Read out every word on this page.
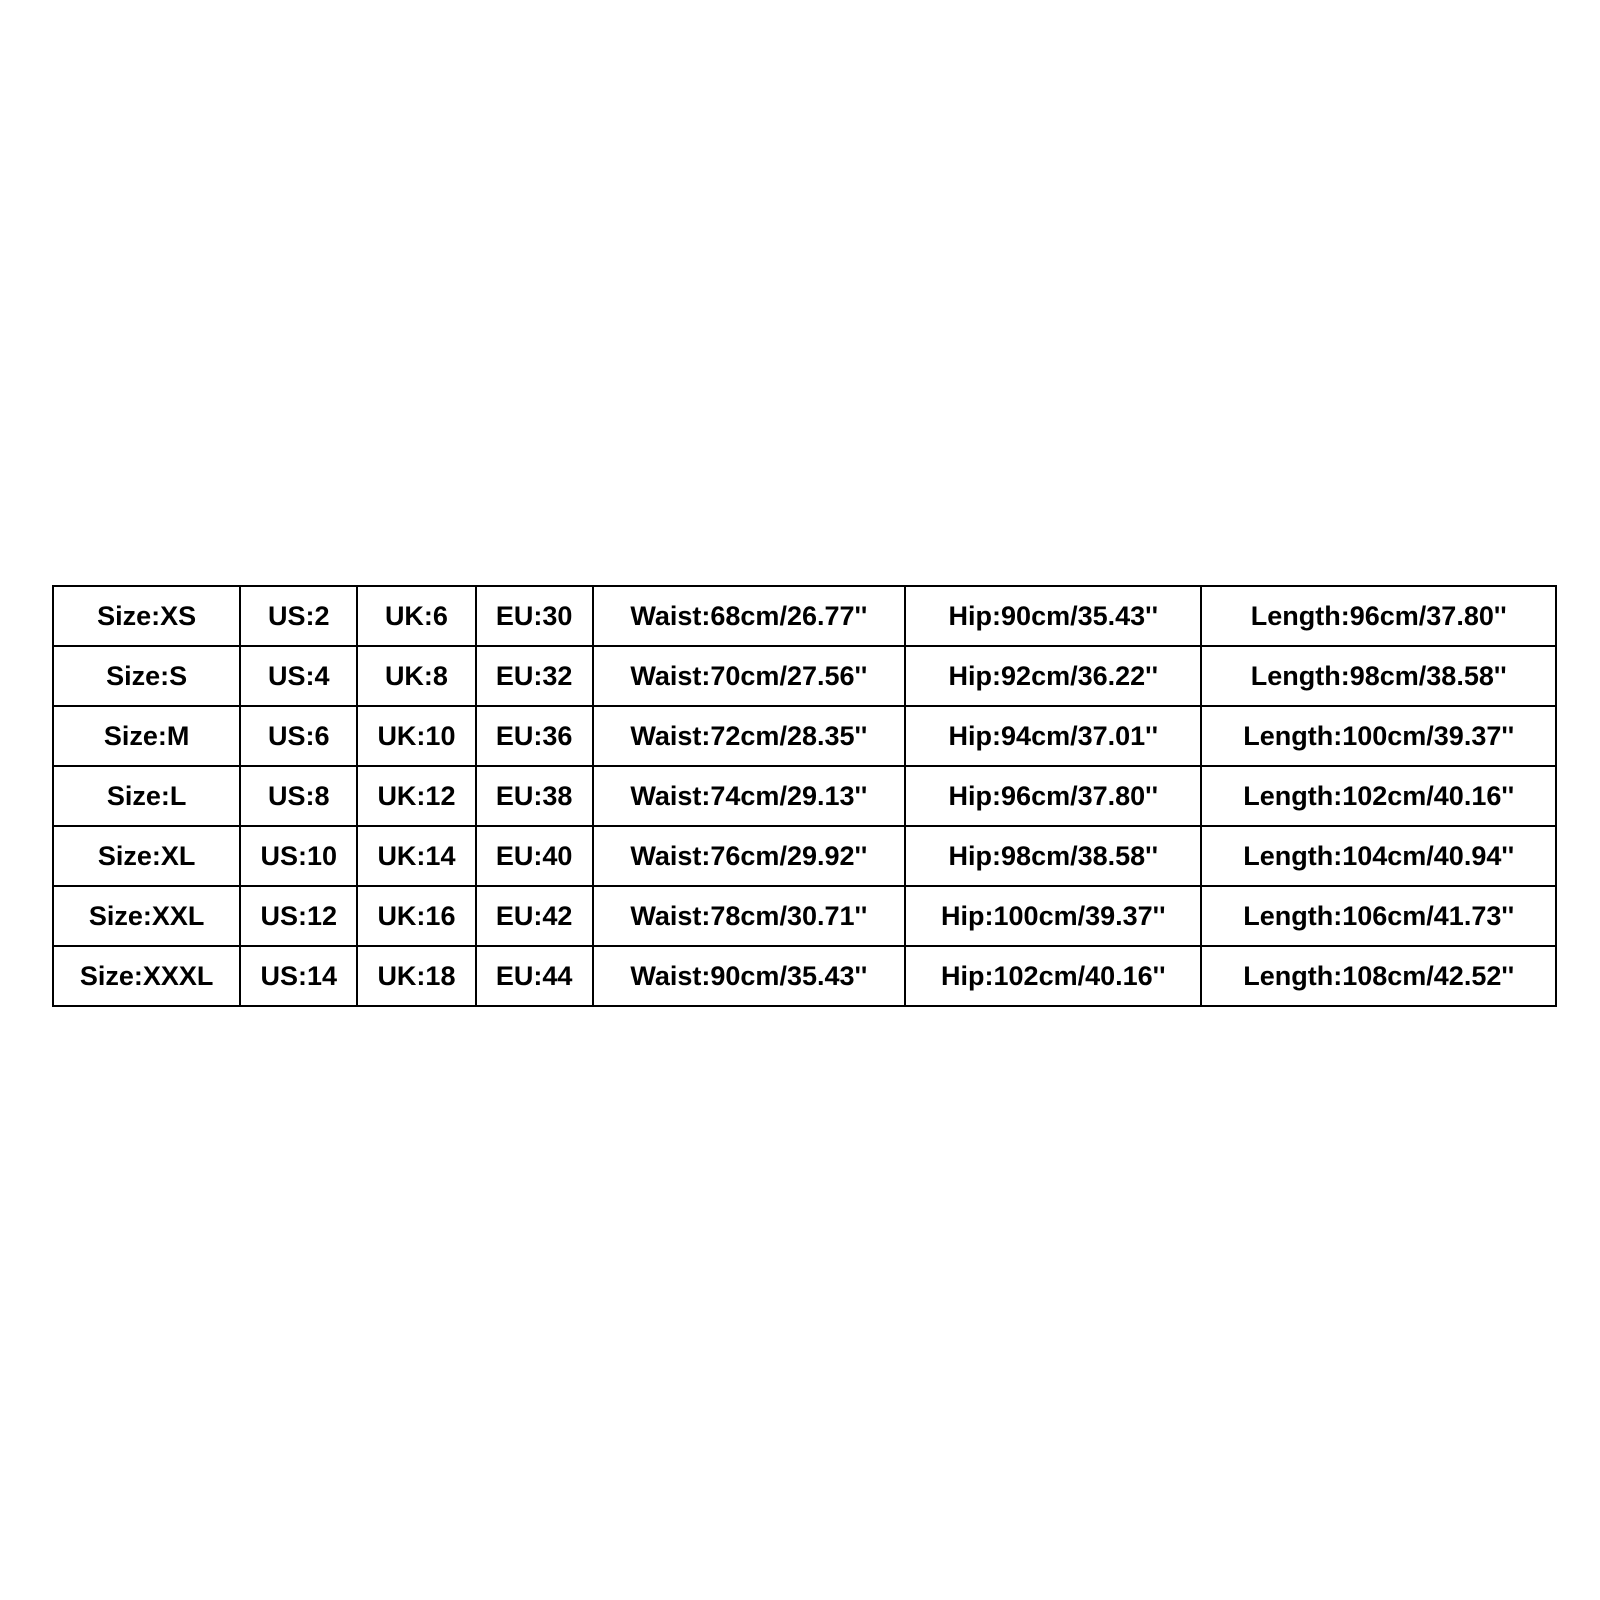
Size:XS	US:2	UK:6	EU:30	Waist:68cm/26.77''	Hip:90cm/35.43''	Length:96cm/37.80''
Size:S	US:4	UK:8	EU:32	Waist:70cm/27.56''	Hip:92cm/36.22''	Length:98cm/38.58''
Size:M	US:6	UK:10	EU:36	Waist:72cm/28.35''	Hip:94cm/37.01''	Length:100cm/39.37''
Size:L	US:8	UK:12	EU:38	Waist:74cm/29.13''	Hip:96cm/37.80''	Length:102cm/40.16''
Size:XL	US:10	UK:14	EU:40	Waist:76cm/29.92''	Hip:98cm/38.58''	Length:104cm/40.94''
Size:XXL	US:12	UK:16	EU:42	Waist:78cm/30.71''	Hip:100cm/39.37''	Length:106cm/41.73''
Size:XXXL	US:14	UK:18	EU:44	Waist:90cm/35.43''	Hip:102cm/40.16''	Length:108cm/42.52''
